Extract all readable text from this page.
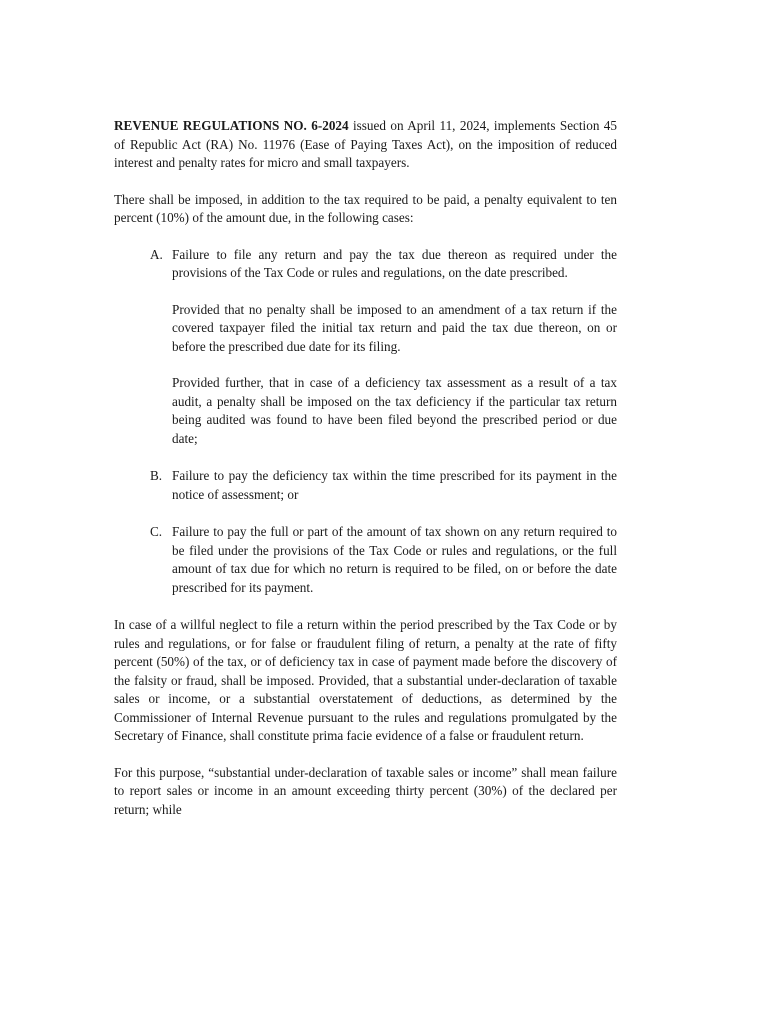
REVENUE REGULATIONS NO. 6-2024 issued on April 11, 2024, implements Section 45 of Republic Act (RA) No. 11976 (Ease of Paying Taxes Act), on the imposition of reduced interest and penalty rates for micro and small taxpayers.

There shall be imposed, in addition to the tax required to be paid, a penalty equivalent to ten percent (10%) of the amount due, in the following cases:

A. Failure to file any return and pay the tax due thereon as required under the provisions of the Tax Code or rules and regulations, on the date prescribed.

Provided that no penalty shall be imposed to an amendment of a tax return if the covered taxpayer filed the initial tax return and paid the tax due thereon, on or before the prescribed due date for its filing.

Provided further, that in case of a deficiency tax assessment as a result of a tax audit, a penalty shall be imposed on the tax deficiency if the particular tax return being audited was found to have been filed beyond the prescribed period or due date;

B. Failure to pay the deficiency tax within the time prescribed for its payment in the notice of assessment; or

C. Failure to pay the full or part of the amount of tax shown on any return required to be filed under the provisions of the Tax Code or rules and regulations, or the full amount of tax due for which no return is required to be filed, on or before the date prescribed for its payment.

In case of a willful neglect to file a return within the period prescribed by the Tax Code or by rules and regulations, or for false or fraudulent filing of return, a penalty at the rate of fifty percent (50%) of the tax, or of deficiency tax in case of payment made before the discovery of the falsity or fraud, shall be imposed. Provided, that a substantial under-declaration of taxable sales or income, or a substantial overstatement of deductions, as determined by the Commissioner of Internal Revenue pursuant to the rules and regulations promulgated by the Secretary of Finance, shall constitute prima facie evidence of a false or fraudulent return.

For this purpose, “substantial under-declaration of taxable sales or income” shall mean failure to report sales or income in an amount exceeding thirty percent (30%) of the declared per return; while
